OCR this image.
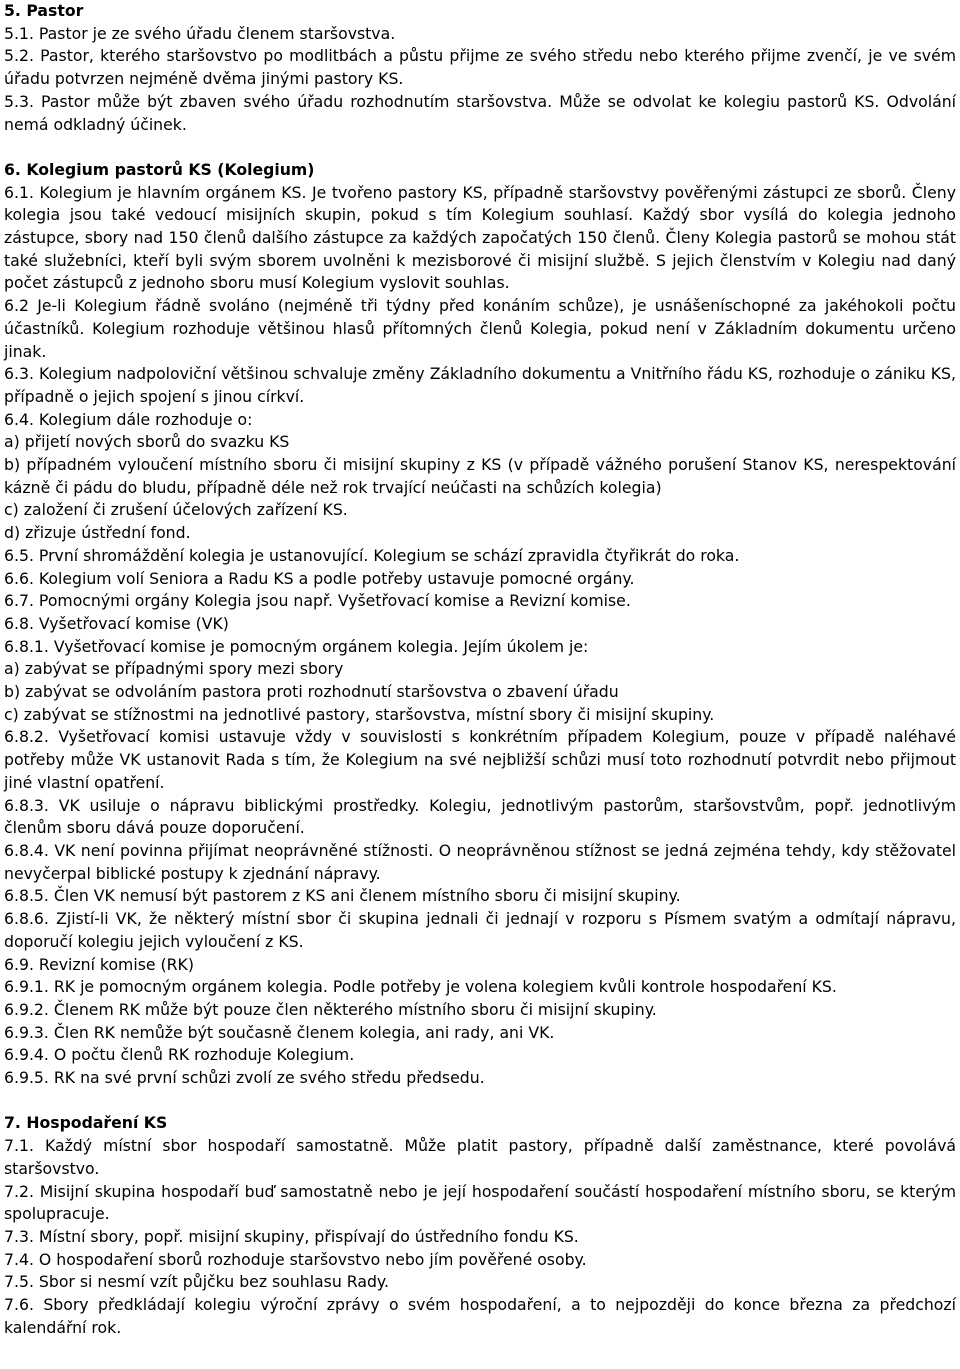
5. Pastor

5.1. Pastor je ze svého úřadu členem staršovstva.

5.2. Pastor, kterého staršovstvo po modlitbách a půstu přijme ze svého středu nebo kterého přijme zvenčí, je ve svém úřadu potvrzen nejméně dvěma jinými pastory KS.

5.3. Pastor může být zbaven svého úřadu rozhodnutím staršovstva. Může se odvolat ke kolegiu pastorů KS. Odvolání nemá odkladný účinek.

6. Kolegium pastorů KS (Kolegium)

6.1. Kolegium je hlavním orgánem KS. Je tvořeno pastory KS, případně staršovstvy pověřenými zástupci ze sborů. Členy kolegia jsou také vedoucí misijních skupin, pokud s tím Kolegium souhlasí. Každý sbor vysílá do kolegia jednoho zástupce, sbory nad 150 členů dalšího zástupce za každých započatých 150 členů. Členy Kolegia pastorů se mohou stát také služebníci, kteří byli svým sborem uvolněni k mezisborové či misijní službě. S jejich členstvím v Kolegiu nad daný počet zástupců z jednoho sboru musí Kolegium vyslovit souhlas.

6.2 Je-li Kolegium řádně svoláno (nejméně tři týdny před konáním schůze), je usnášeníschopné za jakéhokoli počtu účastníků. Kolegium rozhoduje většinou hlasů přítomných členů Kolegia, pokud není v Základním dokumentu určeno jinak.

6.3. Kolegium nadpoloviční většinou schvaluje změny Základního dokumentu a Vnitřního řádu KS, rozhoduje o zániku KS, případně o jejich spojení s jinou církví.

6.4. Kolegium dále rozhoduje o:

a) přijetí nových sborů do svazku KS

b) případném vyloučení místního sboru či misijní skupiny z KS (v případě vážného porušení Stanov KS, nerespektování kázně či pádu do bludu, případně déle než rok trvající neúčasti na schůzích kolegia)

c) založení či zrušení účelových zařízení KS.

d) zřizuje ústřední fond.

6.5. První shromáždění kolegia je ustanovující. Kolegium se schází zpravidla čtyřikrát do roka.

6.6. Kolegium volí Seniora a Radu KS a podle potřeby ustavuje pomocné orgány.

6.7. Pomocnými orgány Kolegia jsou např. Vyšetřovací komise a Revizní komise.

6.8. Vyšetřovací komise (VK)

6.8.1. Vyšetřovací komise je pomocným orgánem kolegia. Jejím úkolem je:

a) zabývat se případnými spory mezi sbory

b) zabývat se odvoláním pastora proti rozhodnutí staršovstva o zbavení úřadu

c) zabývat se stížnostmi na jednotlivé pastory, staršovstva, místní sbory či misijní skupiny.

6.8.2. Vyšetřovací komisi ustavuje vždy v souvislosti s konkrétním případem Kolegium, pouze v případě naléhavé potřeby může VK ustanovit Rada s tím, že Kolegium na své nejbližší schůzi musí toto rozhodnutí potvrdit nebo přijmout jiné vlastní opatření.

6.8.3. VK usiluje o nápravu biblickými prostředky. Kolegiu, jednotlivým pastorům, staršovstvům, popř. jednotlivým členům sboru dává pouze doporučení.

6.8.4. VK není povinna přijímat neoprávněné stížnosti. O neoprávněnou stížnost se jedná zejména tehdy, kdy stěžovatel nevyčerpal biblické postupy k zjednání nápravy.

6.8.5. Člen VK nemusí být pastorem z KS ani členem místního sboru či misijní skupiny.

6.8.6. Zjistí-li VK, že některý místní sbor či skupina jednali či jednají v rozporu s Písmem svatým a odmítají nápravu, doporučí kolegiu jejich vyloučení z KS.

6.9. Revizní komise (RK)

6.9.1. RK je pomocným orgánem kolegia. Podle potřeby je volena kolegiem kvůli kontrole hospodaření KS.

6.9.2. Členem RK může být pouze člen některého místního sboru či misijní skupiny.

6.9.3. Člen RK nemůže být současně členem kolegia, ani rady, ani VK.

6.9.4. O počtu členů RK rozhoduje Kolegium.

6.9.5. RK na své první schůzi zvolí ze svého středu předsedu.

7. Hospodaření KS

7.1. Každý místní sbor hospodaří samostatně. Může platit pastory, případně další zaměstnance, které povolává staršovstvo.

7.2. Misijní skupina hospodaří buď samostatně nebo je její hospodaření součástí hospodaření místního sboru, se kterým spolupracuje.

7.3. Místní sbory, popř. misijní skupiny, přispívají do ústředního fondu KS.

7.4. O hospodaření sborů rozhoduje staršovstvo nebo jím pověřené osoby.

7.5. Sbor si nesmí vzít půjčku bez souhlasu Rady.

7.6. Sbory předkládají kolegiu výroční zprávy o svém hospodaření, a to nejpozději do konce března za předchozí kalendářní rok.
